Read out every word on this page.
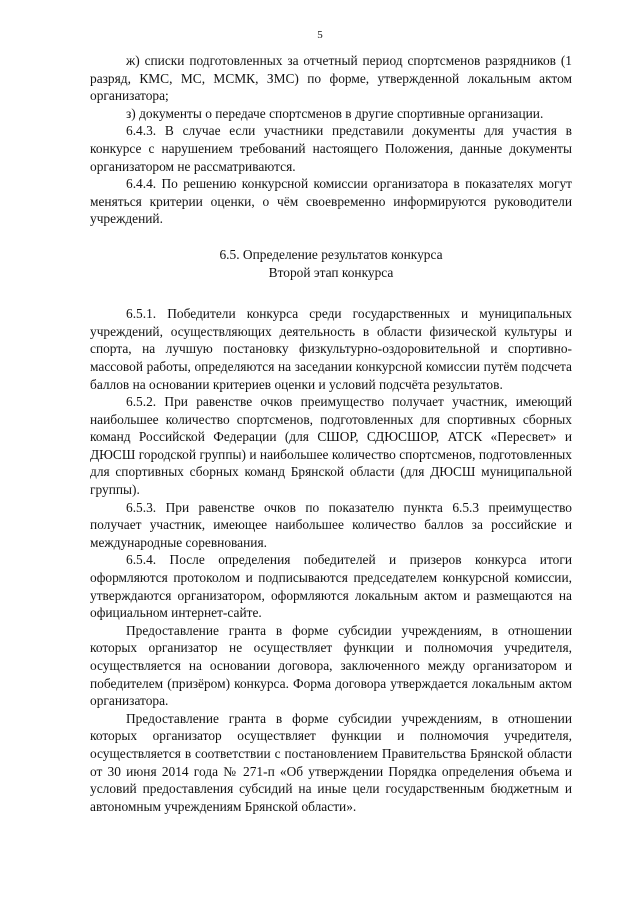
5

ж) списки подготовленных за отчетный период спортсменов разрядников (1 разряд, КМС, МС, МСМК, ЗМС) по форме, утвержденной локальным актом организатора;

з) документы о передаче спортсменов в другие спортивные организации.

6.4.3. В случае если участники представили документы для участия в конкурсе с нарушением требований настоящего Положения, данные документы организатором не рассматриваются.

6.4.4. По решению конкурсной комиссии организатора в показателях могут меняться критерии оценки, о чём своевременно информируются руководители учреждений.

6.5. Определение результатов конкурса
Второй этап конкурса

6.5.1. Победители конкурса среди государственных и муниципальных учреждений, осуществляющих деятельность в области физической культуры и спорта, на лучшую постановку физкультурно-оздоровительной и спортивно-массовой работы, определяются на заседании конкурсной комиссии путём подсчета баллов на основании критериев оценки и условий подсчёта результатов.

6.5.2. При равенстве очков преимущество получает участник, имеющий наибольшее количество спортсменов, подготовленных для спортивных сборных команд Российской Федерации (для СШОР, СДЮСШОР, АТСК «Пересвет» и ДЮСШ городской группы) и наибольшее количество спортсменов, подготовленных для спортивных сборных команд Брянской области (для ДЮСШ муниципальной группы).

6.5.3. При равенстве очков по показателю пункта 6.5.3 преимущество получает участник, имеющее наибольшее количество баллов за российские и международные соревнования.

6.5.4. После определения победителей и призеров конкурса итоги оформляются протоколом и подписываются председателем конкурсной комиссии, утверждаются организатором, оформляются локальным актом и размещаются на официальном интернет-сайте.

Предоставление гранта в форме субсидии учреждениям, в отношении которых организатор не осуществляет функции и полномочия учредителя, осуществляется на основании договора, заключенного между организатором и победителем (призёром) конкурса. Форма договора утверждается локальным актом организатора.

Предоставление гранта в форме субсидии учреждениям, в отношении которых организатор осуществляет функции и полномочия учредителя, осуществляется в соответствии с постановлением Правительства Брянской области от 30 июня 2014 года № 271-п «Об утверждении Порядка определения объема и условий предоставления субсидий на иные цели государственным бюджетным и автономным учреждениям Брянской области».
